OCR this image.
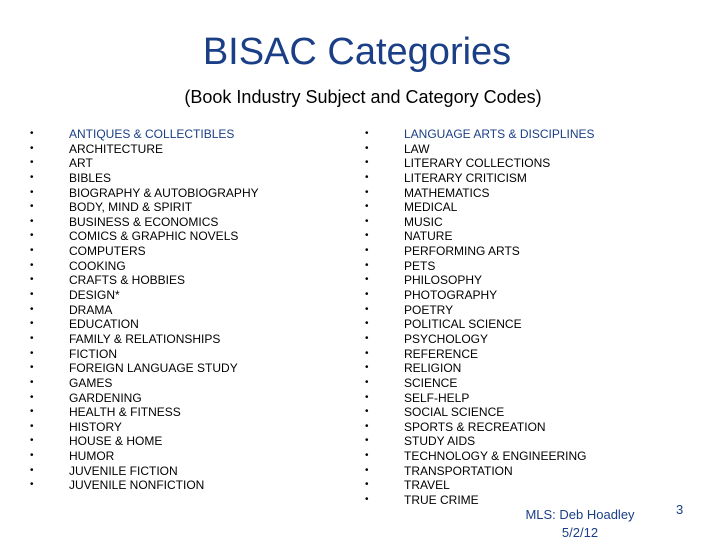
BISAC Categories
(Book Industry Subject and Category Codes)
•	ANTIQUES & COLLECTIBLES
•	ARCHITECTURE
•	ART
•	BIBLES
•	BIOGRAPHY & AUTOBIOGRAPHY
•	BODY, MIND & SPIRIT
•	BUSINESS & ECONOMICS
•	COMICS & GRAPHIC NOVELS
•	COMPUTERS
•	COOKING
•	CRAFTS & HOBBIES
•	DESIGN*
•	DRAMA
•	EDUCATION
•	FAMILY & RELATIONSHIPS
•	FICTION
•	FOREIGN LANGUAGE STUDY
•	GAMES
•	GARDENING
•	HEALTH & FITNESS
•	HISTORY
•	HOUSE & HOME
•	HUMOR
•	JUVENILE FICTION
•	JUVENILE NONFICTION
•	LANGUAGE ARTS & DISCIPLINES
•	LAW
•	LITERARY COLLECTIONS
•	LITERARY CRITICISM
•	MATHEMATICS
•	MEDICAL
•	MUSIC
•	NATURE
•	PERFORMING ARTS
•	PETS
•	PHILOSOPHY
•	PHOTOGRAPHY
•	POETRY
•	POLITICAL SCIENCE
•	PSYCHOLOGY
•	REFERENCE
•	RELIGION
•	SCIENCE
•	SELF-HELP
•	SOCIAL SCIENCE
•	SPORTS & RECREATION
•	STUDY AIDS
•	TECHNOLOGY & ENGINEERING
•	TRANSPORTATION
•	TRAVEL
•	TRUE CRIME
MLS: Deb Hoadley
5/2/12
3
